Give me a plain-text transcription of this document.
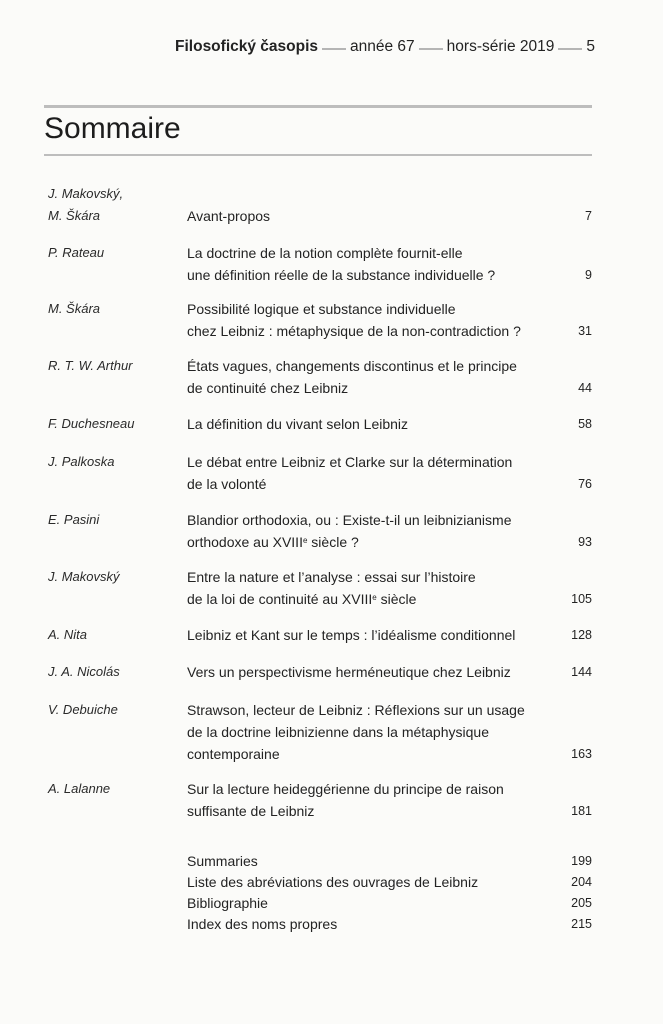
Filosofický časopis année 67 hors-série 2019 5
Sommaire
J. Makovský,
M. Škára	Avant-propos	7
P. Rateau	La doctrine de la notion complète fournit-elle
une définition réelle de la substance individuelle ?	9
M. Škára	Possibilité logique et substance individuelle
chez Leibniz : métaphysique de la non-contradiction ?	31
R. T. W. Arthur	États vagues, changements discontinus et le principe
de continuité chez Leibniz	44
F. Duchesneau	La définition du vivant selon Leibniz	58
J. Palkoska	Le débat entre Leibniz et Clarke sur la détermination
de la volonté	76
E. Pasini	Blandior orthodoxia, ou : Existe-t-il un leibnizianisme
orthodoxe au XVIIIe siècle ?	93
J. Makovský	Entre la nature et l’analyse : essai sur l’histoire
de la loi de continuité au XVIIIe siècle	105
A. Nita	Leibniz et Kant sur le temps : l’idéalisme conditionnel	128
J. A. Nicolás	Vers un perspectivisme herméneutique chez Leibniz	144
V. Debuiche	Strawson, lecteur de Leibniz : Réflexions sur un usage
de la doctrine leibnizienne dans la métaphysique
contemporaine	163
A. Lalanne	Sur la lecture heideggérienne du principe de raison
suffisante de Leibniz	181
Summaries	199
Liste des abréviations des ouvrages de Leibniz	204
Bibliographie	205
Index des noms propres	215
